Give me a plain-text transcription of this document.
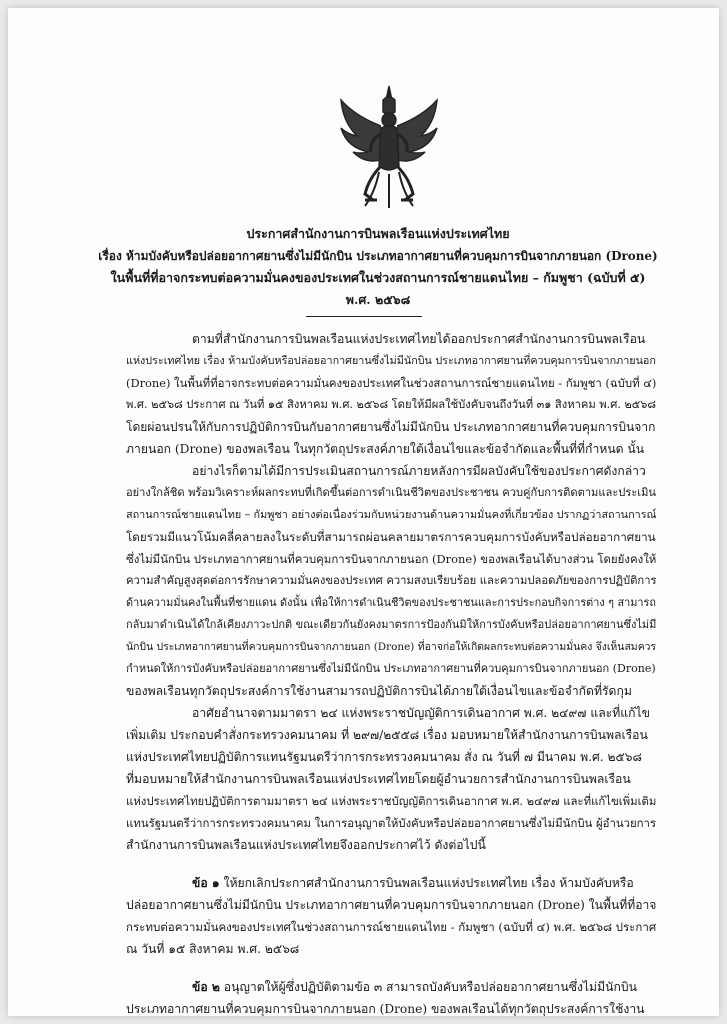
ประกาศสำนักงานการบินพลเรือนแห่งประเทศไทย
เรื่อง ห้ามบังคับหรือปล่อยอากาศยานซึ่งไม่มีนักบิน ประเภทอากาศยานที่ควบคุมการบินจากภายนอก (Drone)
ในพื้นที่ที่อาจกระทบต่อความมั่นคงของประเทศในช่วงสถานการณ์ชายแดนไทย – กัมพูชา (ฉบับที่ ๕)
พ.ศ. ๒๕๖๘

ตามที่สำนักงานการบินพลเรือนแห่งประเทศไทยได้ออกประกาศสำนักงานการบินพลเรือน
แห่งประเทศไทย เรื่อง ห้ามบังคับหรือปล่อยอากาศยานซึ่งไม่มีนักบิน ประเภทอากาศยานที่ควบคุมการบินจากภายนอก
(Drone) ในพื้นที่ที่อาจกระทบต่อความมั่นคงของประเทศในช่วงสถานการณ์ชายแดนไทย - กัมพูชา (ฉบับที่ ๔)
พ.ศ. ๒๕๖๘ ประกาศ ณ วันที่ ๑๕ สิงหาคม พ.ศ. ๒๕๖๘ โดยให้มีผลใช้บังคับจนถึงวันที่ ๓๑ สิงหาคม พ.ศ. ๒๕๖๘
โดยผ่อนปรนให้กับการปฏิบัติการบินกับอากาศยานซึ่งไม่มีนักบิน ประเภทอากาศยานที่ควบคุมการบินจาก
ภายนอก (Drone) ของพลเรือน ในทุกวัตถุประสงค์ภายใต้เงื่อนไขและข้อจำกัดและพื้นที่ที่กำหนด นั้น
อย่างไรก็ตามได้มีการประเมินสถานการณ์ภายหลังการมีผลบังคับใช้ของประกาศดังกล่าว
อย่างใกล้ชิด พร้อมวิเคราะห์ผลกระทบที่เกิดขึ้นต่อการดำเนินชีวิตของประชาชน ควบคู่กับการติดตามและประเมิน
สถานการณ์ชายแดนไทย – กัมพูชา อย่างต่อเนื่องร่วมกับหน่วยงานด้านความมั่นคงที่เกี่ยวข้อง ปรากฏว่าสถานการณ์
โดยรวมมีแนวโน้มคลี่คลายลงในระดับที่สามารถผ่อนคลายมาตรการควบคุมการบังคับหรือปล่อยอากาศยาน
ซึ่งไม่มีนักบิน ประเภทอากาศยานที่ควบคุมการบินจากภายนอก (Drone) ของพลเรือนได้บางส่วน โดยยังคงให้
ความสำคัญสูงสุดต่อการรักษาความมั่นคงของประเทศ ความสงบเรียบร้อย และความปลอดภัยของการปฏิบัติการ
ด้านความมั่นคงในพื้นที่ชายแดน ดังนั้น เพื่อให้การดำเนินชีวิตของประชาชนและการประกอบกิจการต่าง ๆ สามารถ
กลับมาดำเนินได้ใกล้เคียงภาวะปกติ ขณะเดียวกันยังคงมาตรการป้องกันมิให้การบังคับหรือปล่อยอากาศยานซึ่งไม่มี
นักบิน ประเภทอากาศยานที่ควบคุมการบินจากภายนอก (Drone) ที่อาจก่อให้เกิดผลกระทบต่อความมั่นคง จึงเห็นสมควร
กำหนดให้การบังคับหรือปล่อยอากาศยานซึ่งไม่มีนักบิน ประเภทอากาศยานที่ควบคุมการบินจากภายนอก (Drone)
ของพลเรือนทุกวัตถุประสงค์การใช้งานสามารถปฏิบัติการบินได้ภายใต้เงื่อนไขและข้อจำกัดที่รัดกุม
อาศัยอำนาจตามมาตรา ๒๔ แห่งพระราชบัญญัติการเดินอากาศ พ.ศ. ๒๔๙๗ และที่แก้ไข
เพิ่มเติม ประกอบคำสั่งกระทรวงคมนาคม ที่ ๒๙๗/๒๕๕๘ เรื่อง มอบหมายให้สำนักงานการบินพลเรือน
แห่งประเทศไทยปฏิบัติการแทนรัฐมนตรีว่าการกระทรวงคมนาคม สั่ง ณ วันที่ ๗ มีนาคม พ.ศ. ๒๕๖๘
ที่มอบหมายให้สำนักงานการบินพลเรือนแห่งประเทศไทยโดยผู้อำนวยการสำนักงานการบินพลเรือน
แห่งประเทศไทยปฏิบัติการตามมาตรา ๒๔ แห่งพระราชบัญญัติการเดินอากาศ พ.ศ. ๒๔๙๗ และที่แก้ไขเพิ่มเติม
แทนรัฐมนตรีว่าการกระทรวงคมนาคม ในการอนุญาตให้บังคับหรือปล่อยอากาศยานซึ่งไม่มีนักบิน ผู้อำนวยการ
สำนักงานการบินพลเรือนแห่งประเทศไทยจึงออกประกาศไว้ ดังต่อไปนี้

ข้อ ๑ ให้ยกเลิกประกาศสำนักงานการบินพลเรือนแห่งประเทศไทย เรื่อง ห้ามบังคับหรือ
ปล่อยอากาศยานซึ่งไม่มีนักบิน ประเภทอากาศยานที่ควบคุมการบินจากภายนอก (Drone) ในพื้นที่ที่อาจ
กระทบต่อความมั่นคงของประเทศในช่วงสถานการณ์ชายแดนไทย - กัมพูชา (ฉบับที่ ๔) พ.ศ. ๒๕๖๘ ประกาศ
ณ วันที่ ๑๕ สิงหาคม พ.ศ. ๒๕๖๘
ข้อ ๒ อนุญาตให้ผู้ซึ่งปฏิบัติตามข้อ ๓ สามารถบังคับหรือปล่อยอากาศยานซึ่งไม่มีนักบิน
ประเภทอากาศยานที่ควบคุมการบินจากภายนอก (Drone) ของพลเรือนได้ทุกวัตถุประสงค์การใช้งาน
